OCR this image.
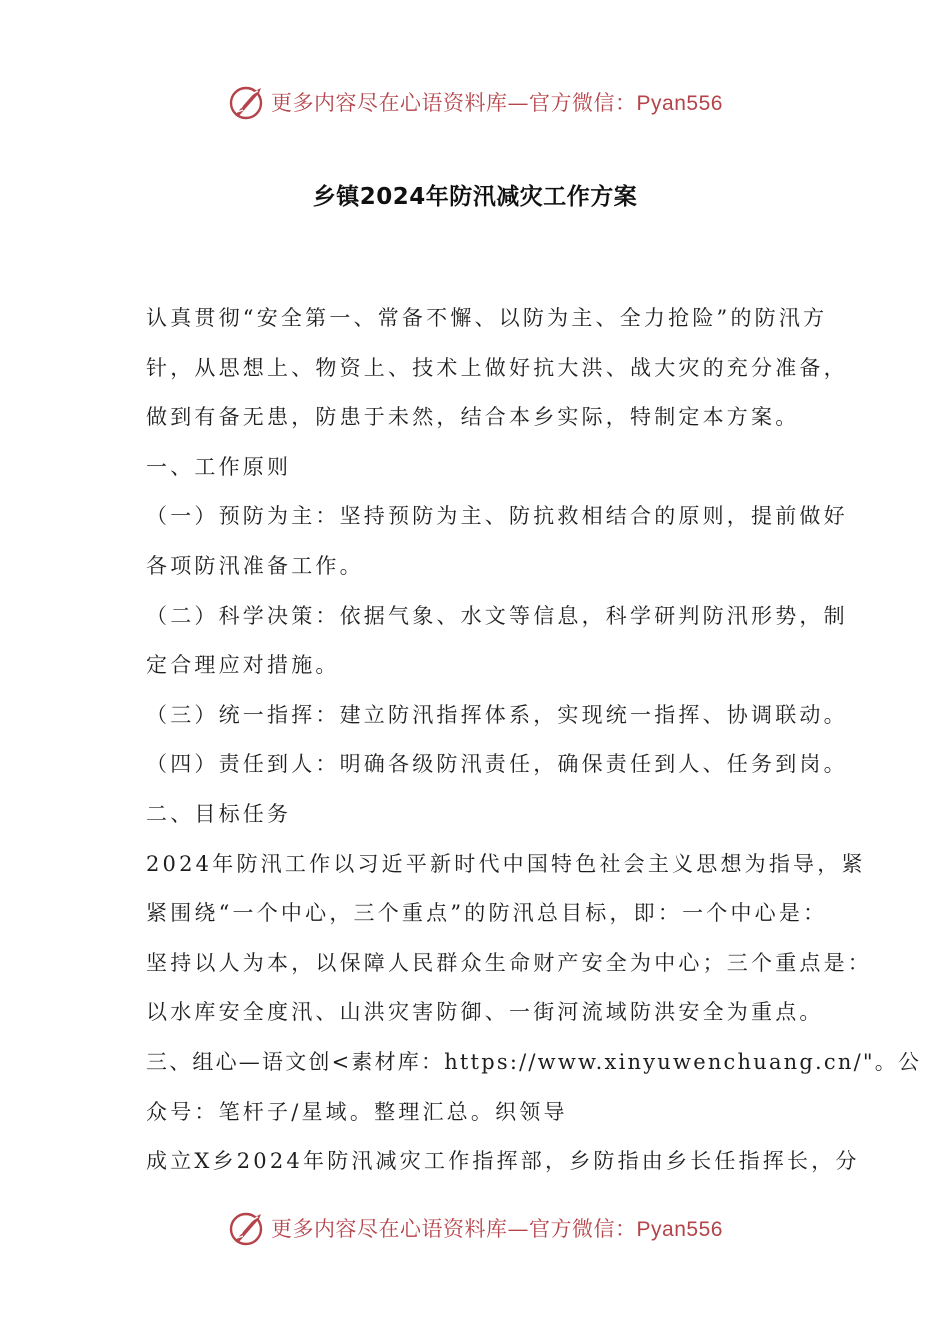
更多内容尽在心语资料库—官方微信：Pyan556
乡镇2024年防汛减灾工作方案
认真贯彻“安全第一、常备不懈、以防为主、全力抢险”的防汛方
针，从思想上、物资上、技术上做好抗大洪、战大灾的充分准备，
做到有备无患，防患于未然，结合本乡实际，特制定本方案。
一、工作原则
（一）预防为主：坚持预防为主、防抗救相结合的原则，提前做好
各项防汛准备工作。
（二）科学决策：依据气象、水文等信息，科学研判防汛形势，制
定合理应对措施。
（三）统一指挥：建立防汛指挥体系，实现统一指挥、协调联动。
（四）责任到人：明确各级防汛责任，确保责任到人、任务到岗。
二、目标任务
2024年防汛工作以习近平新时代中国特色社会主义思想为指导，紧
紧围绕“一个中心，三个重点”的防汛总目标，即：一个中心是：
坚持以人为本，以保障人民群众生命财产安全为中心；三个重点是：
以水库安全度汛、山洪灾害防御、一街河流域防洪安全为重点。
三、组心—语文创<素材库：https://www.xinyuwenchuang.cn/"。公
众号：笔杆子/星域。整理汇总。织领导
成立X乡2024年防汛减灾工作指挥部，乡防指由乡长任指挥长，分
更多内容尽在心语资料库—官方微信：Pyan556
